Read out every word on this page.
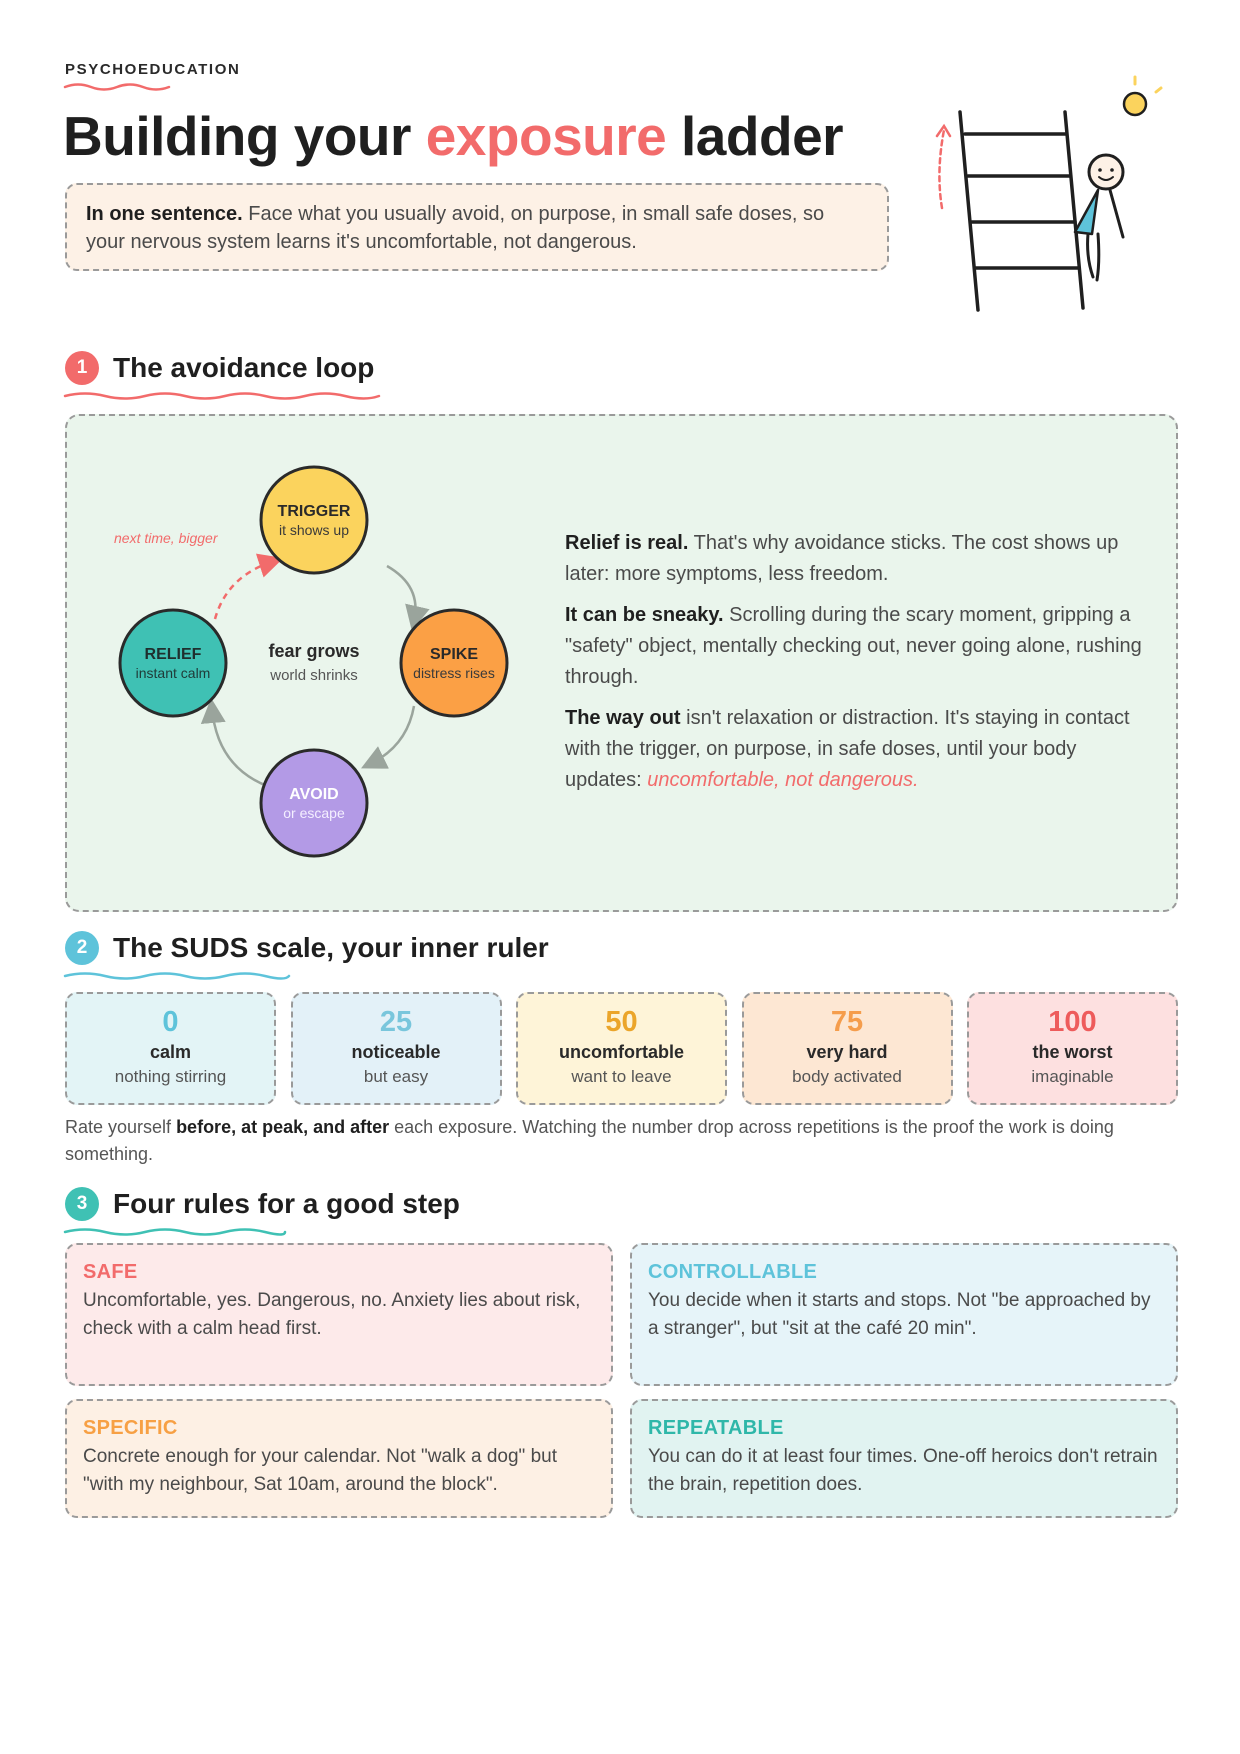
PSYCHOEDUCATION
Building your exposure ladder
In one sentence. Face what you usually avoid, on purpose, in small safe doses, so your nervous system learns it's uncomfortable, not dangerous.
1 The avoidance loop
next time, bigger
TRIGGER
it shows up
SPIKE
distress rises
AVOID
or escape
RELIEF
instant calm
fear grows
world shrinks

Relief is real. That's why avoidance sticks. The cost shows up later: more symptoms, less freedom.

It can be sneaky. Scrolling during the scary moment, gripping a "safety" object, mentally checking out, never going alone, rushing through.

The way out isn't relaxation or distraction. It's staying in contact with the trigger, on purpose, in safe doses, until your body updates: uncomfortable, not dangerous.

2 The SUDS scale, your inner ruler
0
calm
nothing stirring
25
noticeable
but easy
50
uncomfortable
want to leave
75
very hard
body activated
100
the worst
imaginable
Rate yourself before, at peak, and after each exposure. Watching the number drop across repetitions is the proof the work is doing something.
3 Four rules for a good step
SAFE
Uncomfortable, yes. Dangerous, no. Anxiety lies about risk, check with a calm head first.
CONTROLLABLE
You decide when it starts and stops. Not "be approached by a stranger", but "sit at the café 20 min".
SPECIFIC
Concrete enough for your calendar. Not "walk a dog" but "with my neighbour, Sat 10am, around the block".
REPEATABLE
You can do it at least four times. One-off heroics don't retrain the brain, repetition does.
